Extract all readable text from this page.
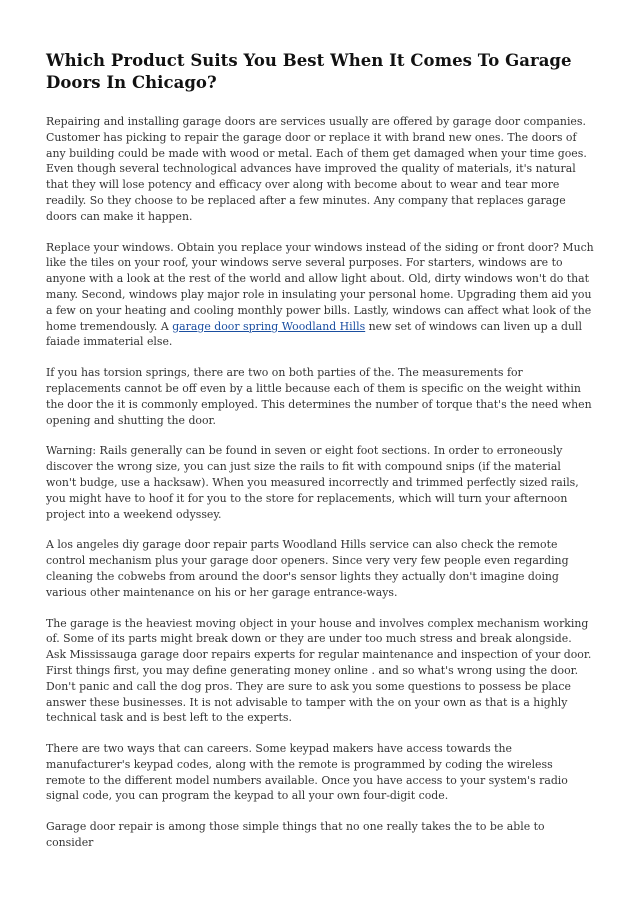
Which Product Suits You Best When It Comes To Garage Doors In Chicago?

Repairing and installing garage doors are services usually are offered by garage door companies. Customer has picking to repair the garage door or replace it with brand new ones. The doors of any building could be made with wood or metal. Each of them get damaged when your time goes. Even though several technological advances have improved the quality of materials, it's natural that they will lose potency and efficacy over along with become about to wear and tear more readily. So they choose to be replaced after a few minutes. Any company that replaces garage doors can make it happen.

Replace your windows. Obtain you replace your windows instead of the siding or front door? Much like the tiles on your roof, your windows serve several purposes. For starters, windows are to anyone with a look at the rest of the world and allow light about. Old, dirty windows won't do that many. Second, windows play major role in insulating your personal home. Upgrading them aid you a few on your heating and cooling monthly power bills. Lastly, windows can affect what look of the home tremendously. A garage door spring Woodland Hills new set of windows can liven up a dull faiade immaterial else.

If you has torsion springs, there are two on both parties of the. The measurements for replacements cannot be off even by a little because each of them is specific on the weight within the door the it is commonly employed. This determines the number of torque that's the need when opening and shutting the door.

Warning: Rails generally can be found in seven or eight foot sections. In order to erroneously discover the wrong size, you can just size the rails to fit with compound snips (if the material won't budge, use a hacksaw). When you measured incorrectly and trimmed perfectly sized rails, you might have to hoof it for you to the store for replacements, which will turn your afternoon project into a weekend odyssey.

A los angeles diy garage door repair parts Woodland Hills service can also check the remote control mechanism plus your garage door openers. Since very very few people even regarding cleaning the cobwebs from around the door's sensor lights they actually don't imagine doing various other maintenance on his or her garage entrance-ways.

The garage is the heaviest moving object in your house and involves complex mechanism working of. Some of its parts might break down or they are under too much stress and break alongside. Ask Mississauga garage door repairs experts for regular maintenance and inspection of your door. First things first, you may define generating money online . and so what's wrong using the door. Don't panic and call the dog pros. They are sure to ask you some questions to possess be place answer these businesses. It is not advisable to tamper with the on your own as that is a highly technical task and is best left to the experts.

There are two ways that can careers. Some keypad makers have access towards the manufacturer's keypad codes, along with the remote is programmed by coding the wireless remote to the different model numbers available. Once you have access to your system's radio signal code, you can program the keypad to all your own four-digit code.

Garage door repair is among those simple things that no one really takes the to be able to consider
